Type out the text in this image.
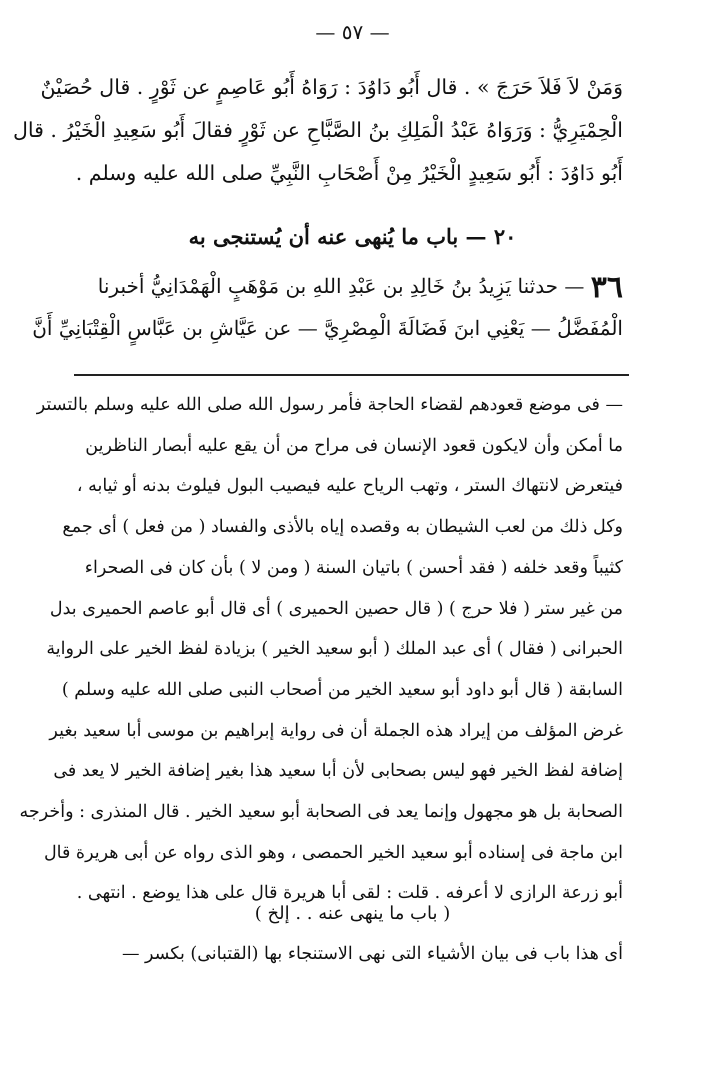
— ٥٧ —
وَمَنْ لاَ فَلاَ حَرَجَ » . قال أَبُو دَاوُدَ : رَوَاهُ أَبُو عَاصِمٍ عن ثَوْرٍ . قال حُصَيْنٌ
الْحِمْيَرِيُّ : وَرَوَاهُ عَبْدُ الْمَلِكِ بنُ الصَّبَّاحِ عن ثَوْرٍ فقالَ أَبُو سَعِيدِ الْخَيْرُ . قال
أَبُو دَاوُدَ : أَبُو سَعِيدٍ الْخَيْرُ مِنْ أَصْحَابِ النَّبِيِّ صلى الله عليه وسلم .
٢٠ — باب ما يُنهى عنه أن يُستنجى به
٣٦ — حدثنا يَزِيدُ بنُ خَالِدِ بن عَبْدِ اللهِ بن مَوْهَبٍ الْهَمْدَانِيُّ أخبرنا
الْمُفَضَّلُ — يَعْنِي ابنَ فَضَالَةَ الْمِصْرِيَّ — عن عَيَّاشِ بن عَبَّاسٍ الْقِتْبَانِيِّ أَنَّ
— فى موضع قعودهم لقضاء الحاجة فأمر رسول الله صلى الله عليه وسلم بالتستر
ما أمكن وأن لايكون قعود الإنسان فى مراح من أن يقع عليه أبصار الناظرين
فيتعرض لانتهاك الستر ، وتهب الرياح عليه فيصيب البول فيلوث بدنه أو ثيابه ،
وكل ذلك من لعب الشيطان به وقصده إياه بالأذى والفساد ( من فعل ) أى جمع
كثيباً وقعد خلفه ( فقد أحسن ) باتيان السنة ( ومن لا ) بأن كان فى الصحراء
من غير ستر ( فلا حرج ) ( قال حصين الحميرى ) أى قال أبو عاصم الحميرى بدل
الحبرانى ( فقال ) أى عبد الملك ( أبو سعيد الخير ) بزيادة لفظ الخير على الرواية
السابقة ( قال أبو داود أبو سعيد الخير من أصحاب النبى صلى الله عليه وسلم )
غرض المؤلف من إيراد هذه الجملة أن فى رواية إبراهيم بن موسى أبا سعيد بغير
إضافة لفظ الخير فهو ليس بصحابى لأن أبا سعيد هذا بغير إضافة الخير لا يعد فى
الصحابة بل هو مجهول وإنما يعد فى الصحابة أبو سعيد الخير . قال المنذرى : وأخرجه
ابن ماجة فى إسناده أبو سعيد الخير الحمصى ، وهو الذى رواه عن أبى هريرة قال
أبو زرعة الرازى لا أعرفه . قلت : لقى أبا هريرة قال على هذا يوضع . انتهى .
( باب ما ينهى عنه . . إلخ )
أى هذا باب فى بيان الأشياء التى نهى الاستنجاء بها (القتبانى) بكسر —
